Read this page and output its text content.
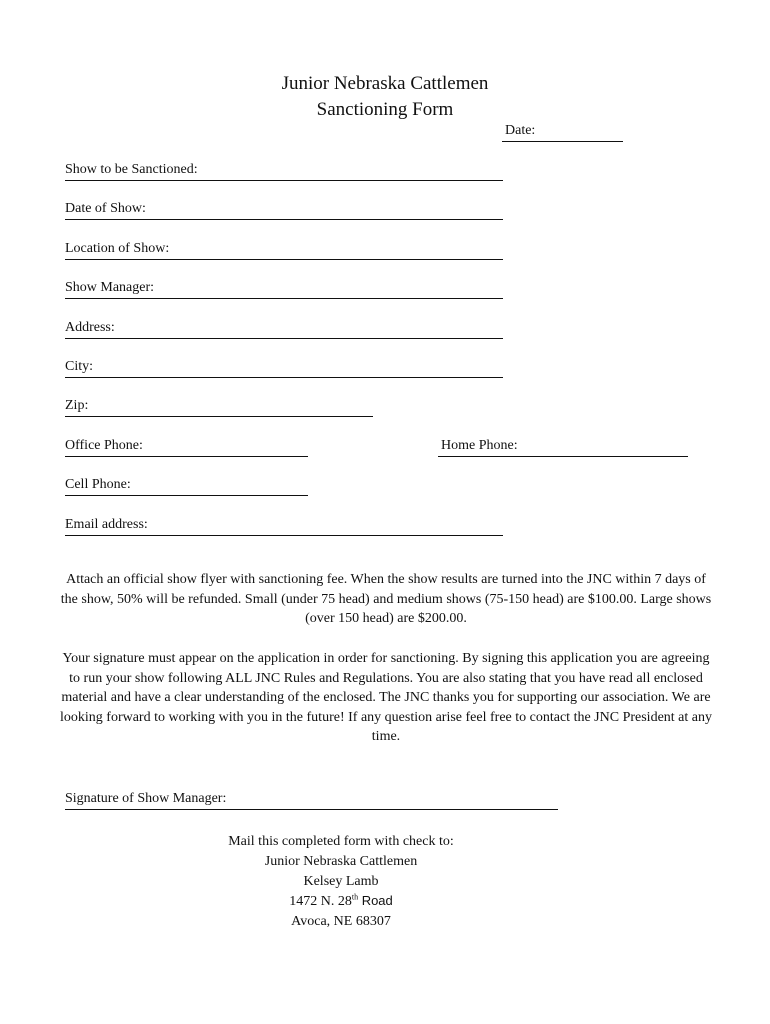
Junior Nebraska Cattlemen
Sanctioning Form
Date:
Show to be Sanctioned:
Date of Show:
Location of Show:
Show Manager:
Address:
City:
Zip:
Office Phone:	Home Phone:
Cell Phone:
Email address:
Attach an official show flyer with sanctioning fee. When the show results are turned into the JNC within 7 days of the show, 50% will be refunded. Small (under 75 head) and medium shows (75-150 head) are $100.00. Large shows (over 150 head) are $200.00.
Your signature must appear on the application in order for sanctioning. By signing this application you are agreeing to run your show following ALL JNC Rules and Regulations. You are also stating that you have read all enclosed material and have a clear understanding of the enclosed. The JNC thanks you for supporting our association. We are looking forward to working with you in the future! If any question arise feel free to contact the JNC President at any time.
Signature of Show Manager:
Mail this completed form with check to:
Junior Nebraska Cattlemen
Kelsey Lamb
1472 N. 28th Road
Avoca, NE 68307
